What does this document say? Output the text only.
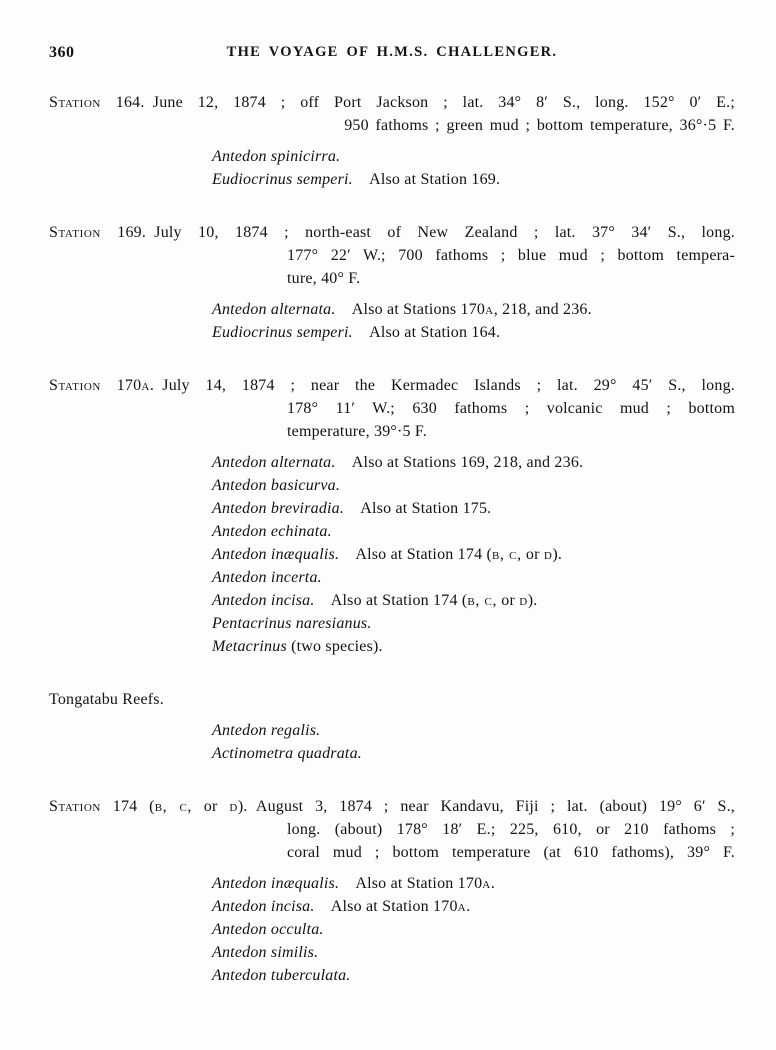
360	THE VOYAGE OF H.M.S. CHALLENGER.
Station 164. June 12, 1874 ; off Port Jackson ; lat. 34° 8′ S., long. 152° 0′ E.;
950 fathoms ; green mud ; bottom temperature, 36°·5 F.
Antedon spinicirra.
Eudiocrinus semperi. Also at Station 169.
Station 169. July 10, 1874 ; north-east of New Zealand ; lat. 37° 34′ S., long.
177° 22′ W.; 700 fathoms ; blue mud ; bottom tempera-
ture, 40° F.
Antedon alternata. Also at Stations 170a, 218, and 236.
Eudiocrinus semperi. Also at Station 164.
Station 170a. July 14, 1874 ; near the Kermadec Islands ; lat. 29° 45′ S., long.
178° 11′ W.; 630 fathoms ; volcanic mud ; bottom
temperature, 39°·5 F.
Antedon alternata. Also at Stations 169, 218, and 236.
Antedon basicurva.
Antedon breviradia. Also at Station 175.
Antedon echinata.
Antedon inæqualis. Also at Station 174 (b, c, or d).
Antedon incerta.
Antedon incisa. Also at Station 174 (b, c, or d).
Pentacrinus naresianus.
Metacrinus (two species).
Tongatabu Reefs.
Antedon regalis.
Actinometra quadrata.
Station 174 (b, c, or d). August 3, 1874 ; near Kandavu, Fiji ; lat. (about) 19° 6′ S.,
long. (about) 178° 18′ E.; 225, 610, or 210 fathoms ;
coral mud ; bottom temperature (at 610 fathoms), 39° F.
Antedon inæqualis. Also at Station 170a.
Antedon incisa. Also at Station 170a.
Antedon occulta.
Antedon similis.
Antedon tuberculata.
